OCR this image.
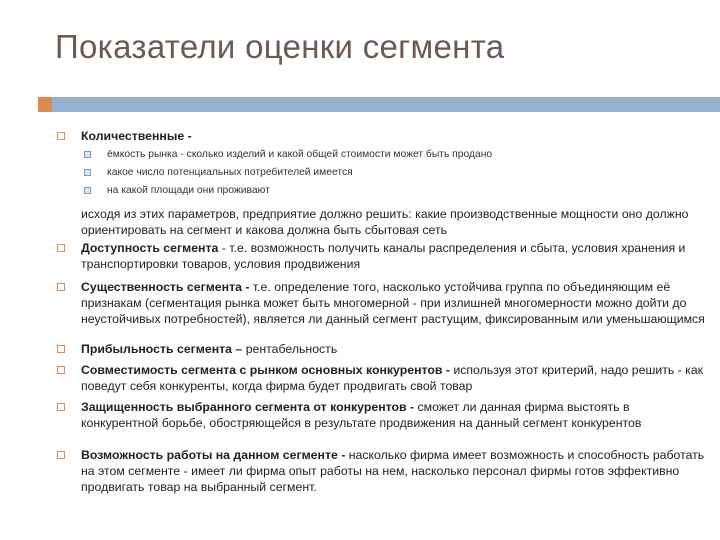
Показатели оценки сегмента
Количественные -
ёмкость рынка - сколько изделий и какой общей стоимости может быть продано
какое число потенциальных потребителей имеется
на какой площади они проживают
исходя из этих параметров, предприятие должно решить: какие производственные мощности оно должно ориентировать на сегмент и какова должна быть сбытовая сеть
Доступность сегмента - т.е. возможность получить каналы распределения и сбыта, условия хранения и транспортировки товаров, условия продвижения
Существенность сегмента - т.е. определение того, насколько устойчива группа по объединяющим её признакам (сегментация рынка может быть многомерной - при излишней многомерности можно дойти до неустойчивых потребностей), является ли данный сегмент растущим, фиксированным или уменьшающимся
Прибыльность сегмента – рентабельность
Совместимость сегмента с рынком основных конкурентов - используя этот критерий, надо решить - как поведут себя конкуренты, когда фирма будет продвигать свой товар
Защищенность выбранного сегмента от конкурентов - сможет ли данная фирма выстоять в конкурентной борьбе, обостряющейся в результате продвижения на данный сегмент конкурентов
Возможность работы на данном сегменте - насколько фирма имеет возможность и способность работать на этом сегменте - имеет ли фирма опыт работы на нем, насколько персонал фирмы готов эффективно продвигать товар на выбранный сегмент.
